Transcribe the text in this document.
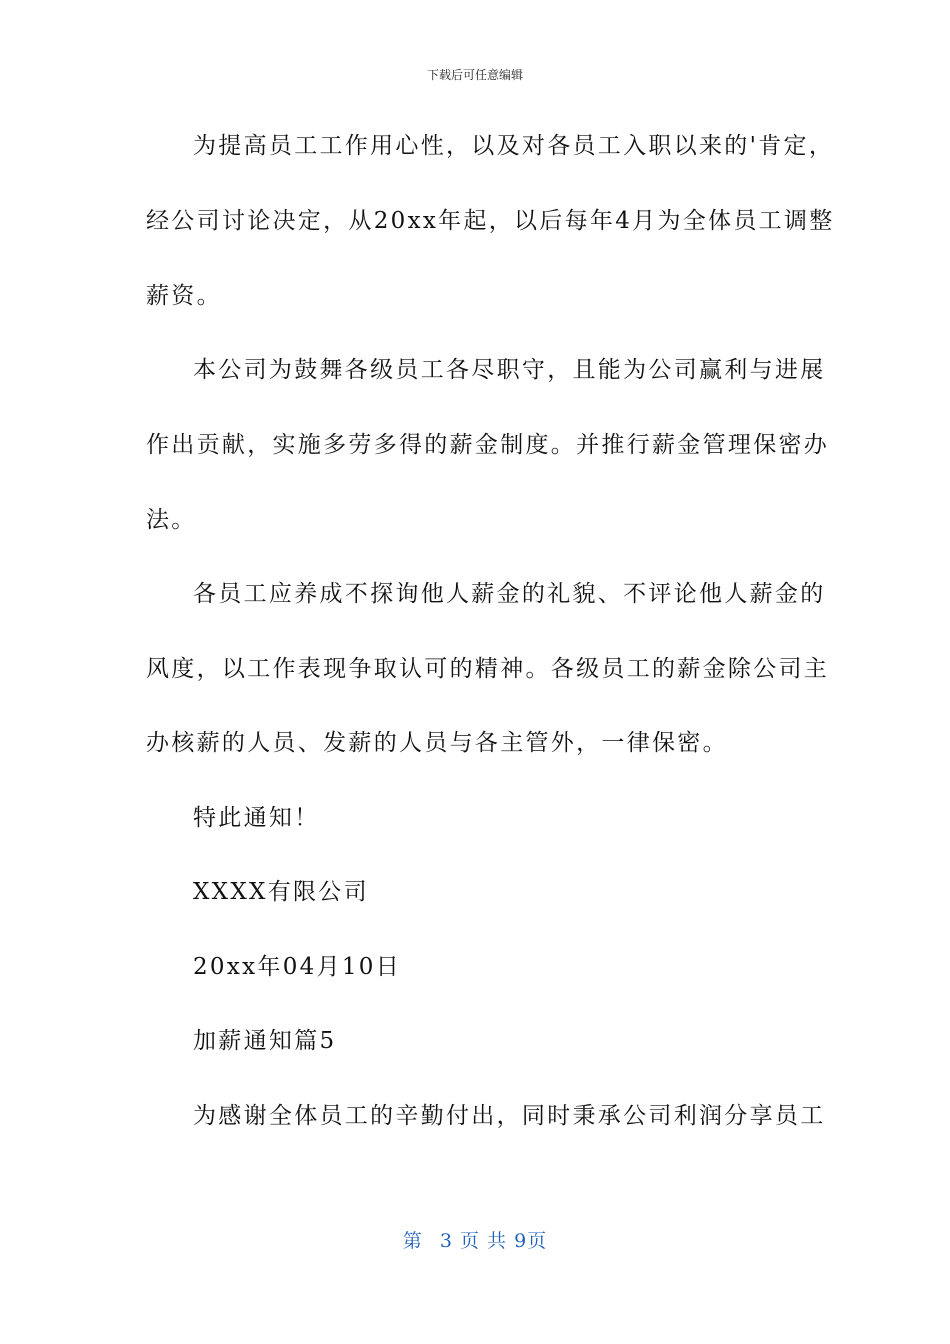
下载后可任意编辑
为提高员工工作用心性，以及对各员工入职以来的'肯定，
经公司讨论决定，从20xx年起，以后每年4月为全体员工调整
薪资。
本公司为鼓舞各级员工各尽职守，且能为公司赢利与进展
作出贡献，实施多劳多得的薪金制度。并推行薪金管理保密办
法。
各员工应养成不探询他人薪金的礼貌、不评论他人薪金的
风度，以工作表现争取认可的精神。各级员工的薪金除公司主
办核薪的人员、发薪的人员与各主管外，一律保密。
特此通知！
XXXX有限公司
20xx年04月10日
加薪通知篇5
为感谢全体员工的辛勤付出，同时秉承公司利润分享员工
第 3 页 共 9页
